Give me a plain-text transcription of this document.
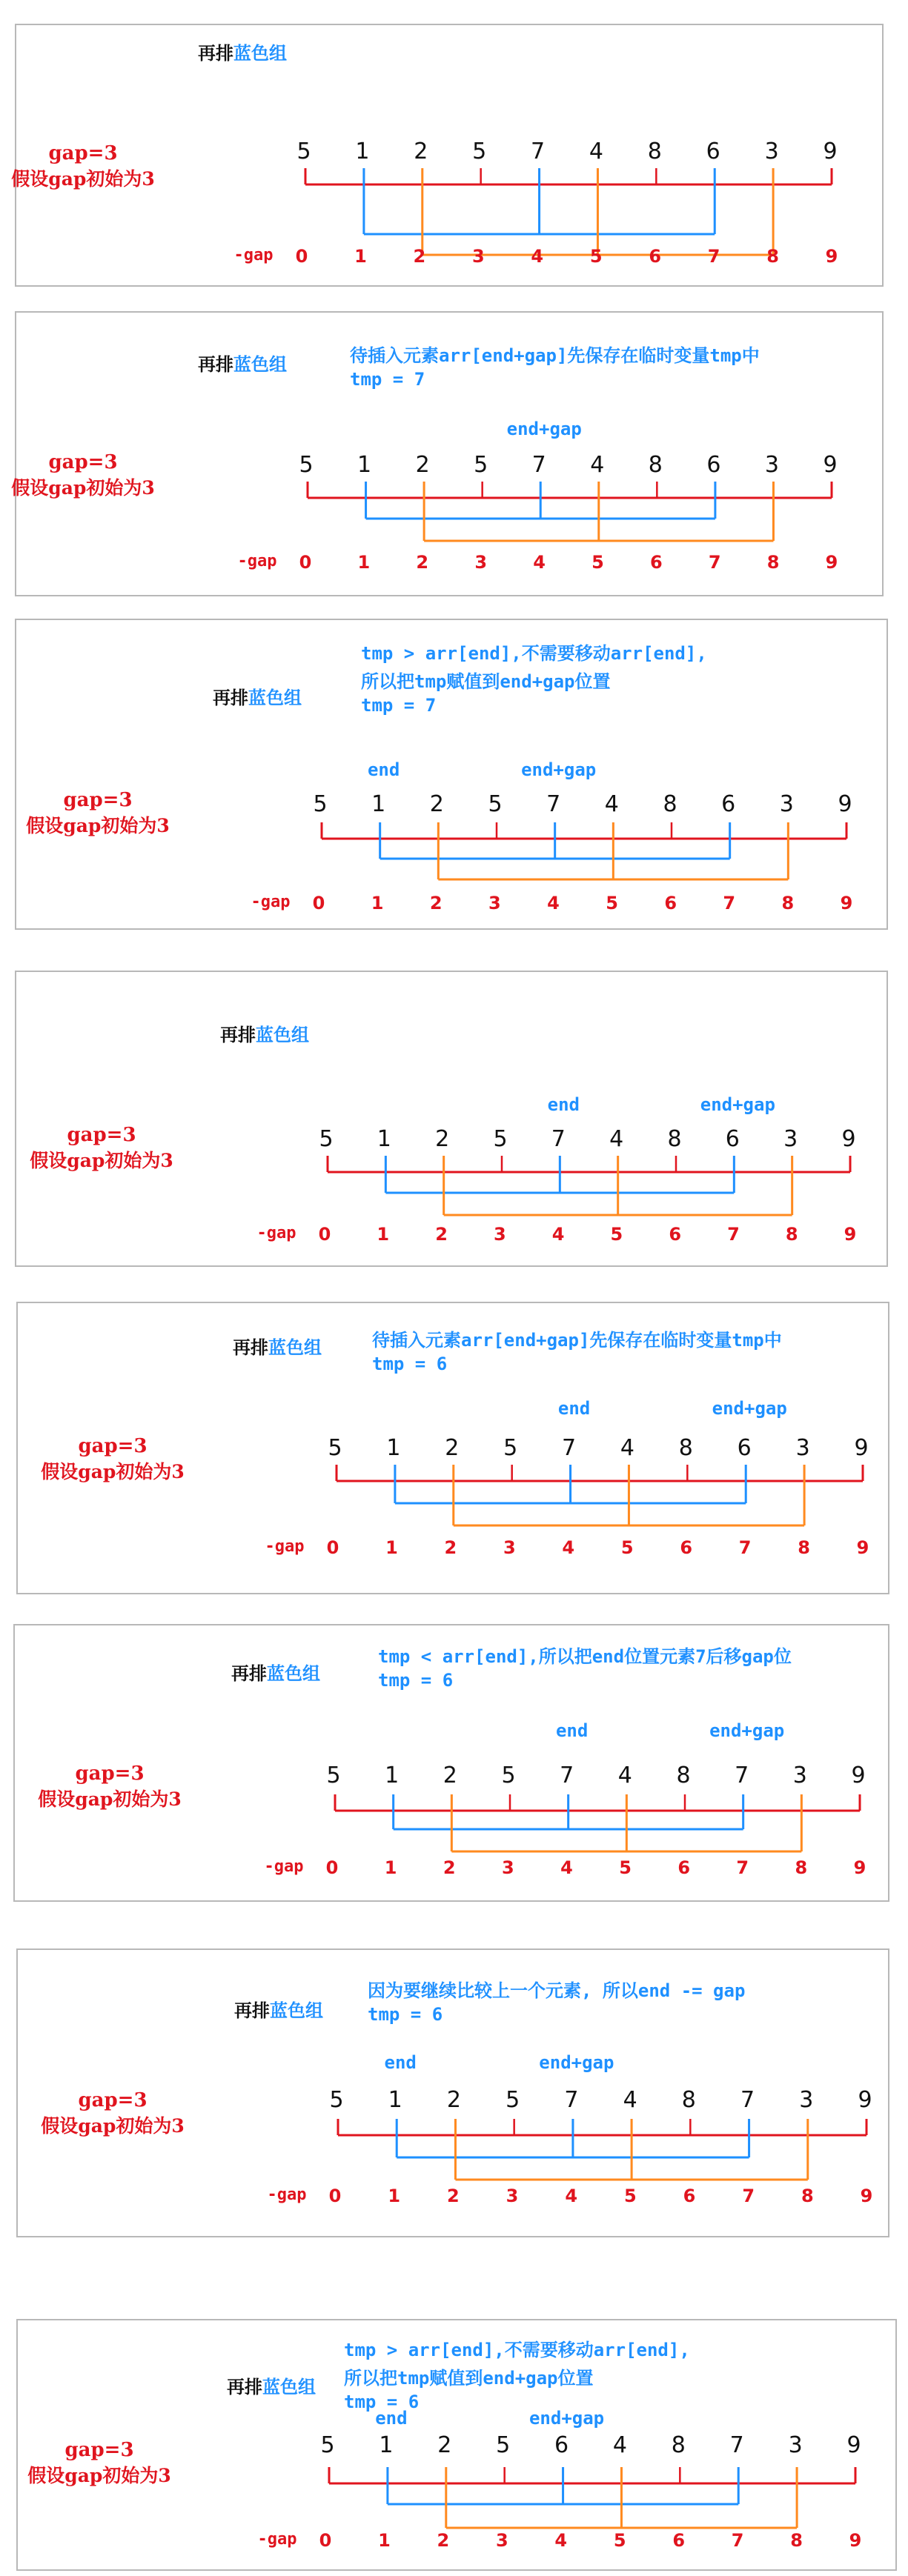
再排蓝色组
gap=3
假设gap初始为3
5 1 2 5 7 4 8 6 3 9
-gap 0	1	2	3	4	5	6	7	8	9
再排蓝色组	待插入元素arr[end+gap]先保存在临时变量tmp中
tmp = 7
gap=3
假设gap初始为3
5 1 2 5 7 4 8 6 3 9
-gap 0	1	2	3	4	5	6	7	8	9
end+gap
再排蓝色组
tmp > arr[end],不需要移动arr[end],
所以把tmp赋值到end+gap位置
tmp = 7
gap=3
假设gap初始为3
5 1 2 5 7 4 8 6 3 9
-gap 0	1	2	3	4	5	6	7	8	9
end	end+gap
再排蓝色组
gap=3
假设gap初始为3
5 1 2 5 7 4 8 6 3 9
-gap 0	1	2	3	4	5	6	7	8	9
end	end+gap
再排蓝色组	待插入元素arr[end+gap]先保存在临时变量tmp中
tmp = 6
gap=3
假设gap初始为3
5 1 2 5 7 4 8 6 3 9
-gap 0	1	2	3	4	5	6	7	8	9
end	end+gap
再排蓝色组
tmp < arr[end],所以把end位置元素7后移gap位
tmp = 6
gap=3
假设gap初始为3
5 1 2 5 7 4 8 7 3 9
-gap 0	1	2	3	4	5	6	7	8	9
end	end+gap
再排蓝色组
因为要继续比较上一个元素, 所以end -= gap
tmp = 6
gap=3
假设gap初始为3
5 1 2 5 7 4 8 7 3 9
-gap 0	1	2	3	4	5	6	7	8	9
end	end+gap
再排蓝色组
tmp > arr[end],不需要移动arr[end],
所以把tmp赋值到end+gap位置
tmp = 6
gap=3
假设gap初始为3
5 1 2 5 6 4 8 7 3 9
-gap 0	1	2	3	4	5	6	7	8	9
end	end+gap
